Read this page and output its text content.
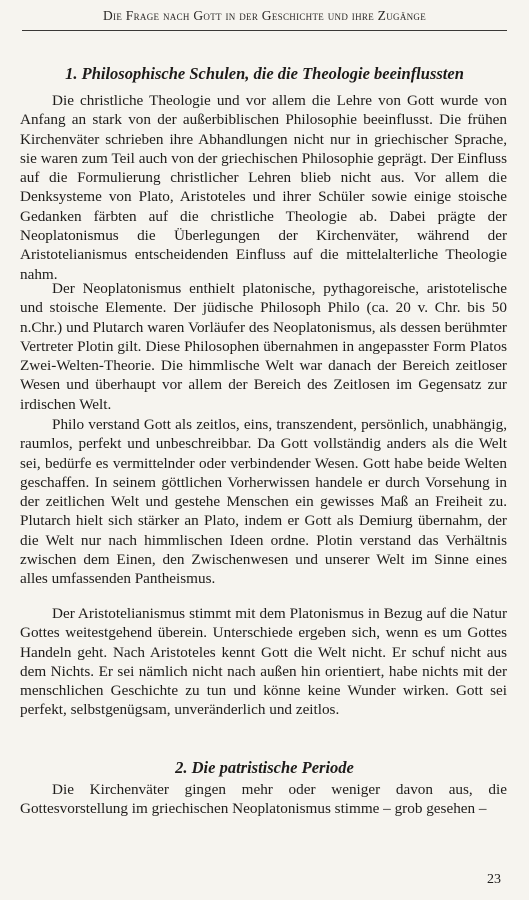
Die Frage nach Gott in der Geschichte und ihre Zugänge
1. Philosophische Schulen, die die Theologie beeinflussten

Die christliche Theologie und vor allem die Lehre von Gott wurde von Anfang an stark von der außerbiblischen Philosophie beeinflusst. Die frühen Kirchenväter schrieben ihre Abhandlungen nicht nur in griechischer Sprache, sie waren zum Teil auch von der griechischen Philosophie geprägt. Der Einfluss auf die Formulierung christlicher Lehren blieb nicht aus. Vor allem die Denksysteme von Plato, Aristoteles und ihrer Schüler sowie einige stoische Gedanken färbten auf die christliche Theologie ab. Dabei prägte der Neoplatonismus die Überlegungen der Kirchenväter, während der Aristotelianismus entscheidenden Einfluss auf die mittelalterliche Theologie nahm.

Der Neoplatonismus enthielt platonische, pythagoreische, aristotelische und stoische Elemente. Der jüdische Philosoph Philo (ca. 20 v. Chr. bis 50 n.Chr.) und Plutarch waren Vorläufer des Neoplatonismus, als dessen berühmter Vertreter Plotin gilt. Diese Philosophen übernahmen in angepasster Form Platos Zwei-Welten-Theorie. Die himmlische Welt war danach der Bereich zeitloser Wesen und überhaupt vor allem der Bereich des Zeitlosen im Gegensatz zur irdischen Welt.

Philo verstand Gott als zeitlos, eins, transzendent, persönlich, unabhängig, raumlos, perfekt und unbeschreibbar. Da Gott vollständig anders als die Welt sei, bedürfe es vermittelnder oder verbindender Wesen. Gott habe beide Welten geschaffen. In seinem göttlichen Vorherwissen handele er durch Vorsehung in der zeitlichen Welt und gestehe Menschen ein gewisses Maß an Freiheit zu. Plutarch hielt sich stärker an Plato, indem er Gott als Demiurg übernahm, der die Welt nur nach himmlischen Ideen ordne. Plotin verstand das Verhältnis zwischen dem Einen, den Zwischenwesen und unserer Welt im Sinne eines alles umfassenden Pantheismus.

Der Aristotelianismus stimmt mit dem Platonismus in Bezug auf die Natur Gottes weitestgehend überein. Unterschiede ergeben sich, wenn es um Gottes Handeln geht. Nach Aristoteles kennt Gott die Welt nicht. Er schuf nicht aus dem Nichts. Er sei nämlich nicht nach außen hin orientiert, habe nichts mit der menschlichen Geschichte zu tun und könne keine Wunder wirken. Gott sei perfekt, selbstgenügsam, unveränderlich und zeitlos.

2. Die patristische Periode

Die Kirchenväter gingen mehr oder weniger davon aus, die Gottesvorstellung im griechischen Neoplatonismus stimme – grob gesehen –

23
